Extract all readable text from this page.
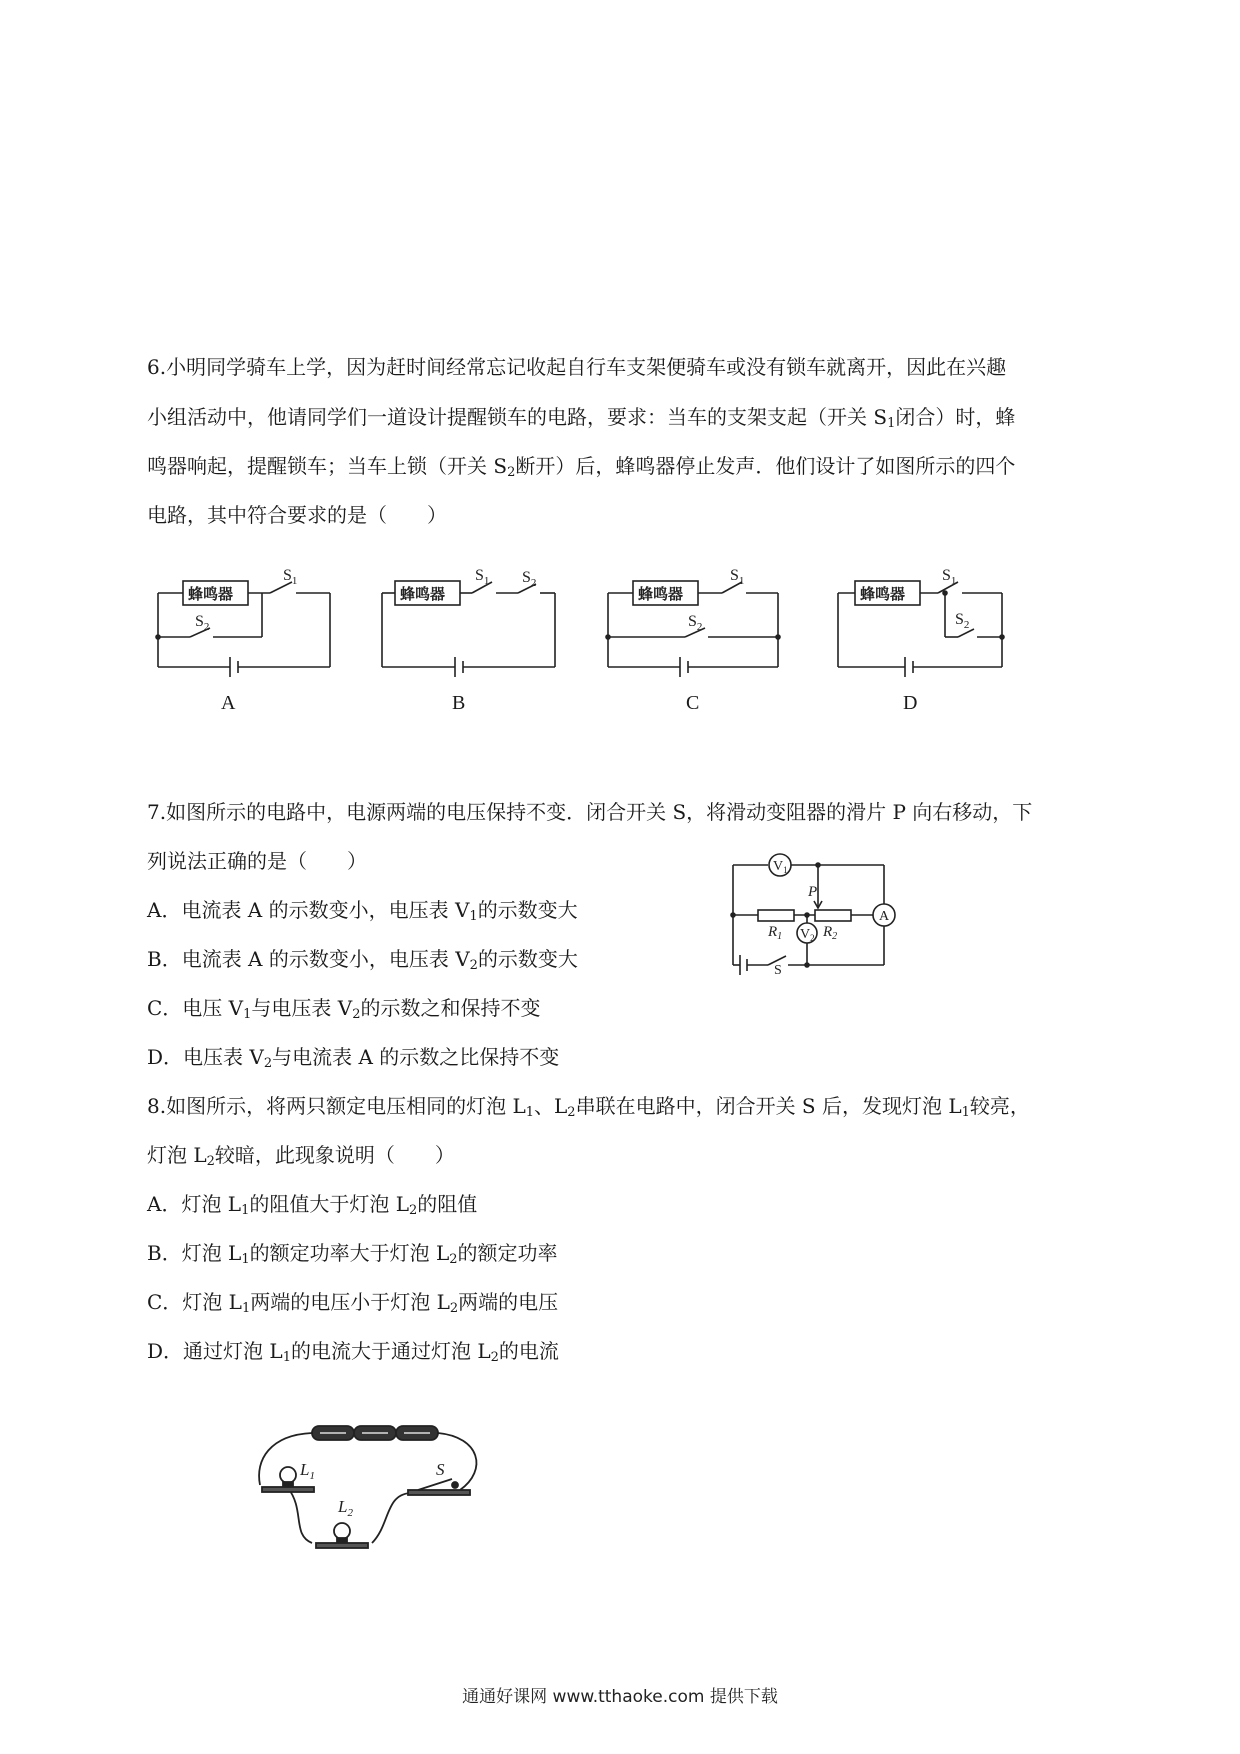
6.小明同学骑车上学，因为赶时间经常忘记收起自行车支架便骑车或没有锁车就离开，因此在兴趣
小组活动中，他请同学们一道设计提醒锁车的电路，要求：当车的支架支起（开关 $S_1$闭合）时，蜂
鸣器响起，提醒锁车；当车上锁（开关 $S_2$断开）后，蜂鸣器停止发声．他们设计了如图所示的四个
电路，其中符合要求的是（　　）
蜂鸣器
$S_1$
$S_2$
蜂鸣器
$S_1$ $S_2$
蜂鸣器
$S_1$
$S_2$
蜂鸣器
$S_1$
$S_2$
A	B	C	D
7.如图所示的电路中，电源两端的电压保持不变．闭合开关 S，将滑动变阻器的滑片 P 向右移动，下
列说法正确的是（　　）
A．电流表 A 的示数变小，电压表 $V_1$的示数变大
B．电流表 A 的示数变小，电压表 $V_2$的示数变大
C．电压 $V_1$与电压表 $V_2$的示数之和保持不变
D．电压表 $V_2$与电流表 A 的示数之比保持不变
$V_1$
$V_2$
A
P
$R_1$	$R_2$
S
8.如图所示，将两只额定电压相同的灯泡 $L_1$、$L_2$串联在电路中，闭合开关 S 后，发现灯泡 $L_1$较亮，
灯泡 $L_2$较暗，此现象说明（　　）
A．灯泡 $L_1$的阻值大于灯泡 $L_2$的阻值
B．灯泡 $L_1$的额定功率大于灯泡 $L_2$的额定功率
C．灯泡 $L_1$两端的电压小于灯泡 $L_2$两端的电压
D．通过灯泡 $L_1$的电流大于通过灯泡 $L_2$的电流
$L_1$
$L_2$
S
通通好课网 www.tthaoke.com 提供下载
